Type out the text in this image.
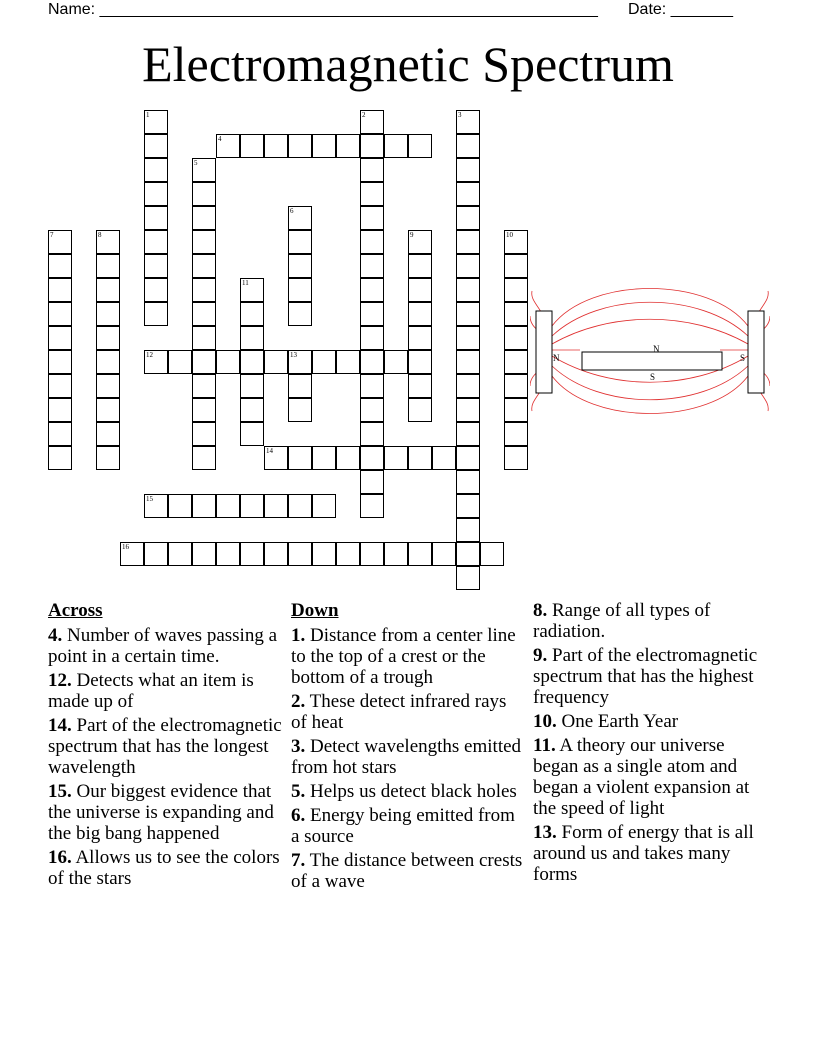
Name: ________________________________________________________ Date: _______
Electromagnetic Spectrum
1	2	3
4
5
6
7	8	9	10
11
12	13
14
15
16
N	S
N
S
Across
4. Number of waves passing a point in a certain time.
12. Detects what an item is made up of
14. Part of the electromagnetic spectrum that has the longest wavelength
15. Our biggest evidence that the universe is expanding and the big bang happened
16. Allows us to see the colors of the stars
Down
1. Distance from a center line to the top of a crest or the bottom of a trough
2. These detect infrared rays of heat
3. Detect wavelengths emitted from hot stars
5. Helps us detect black holes
6. Energy being emitted from a source
7. The distance between crests of a wave
8. Range of all types of radiation.
9. Part of the electromagnetic spectrum that has the highest frequency
10. One Earth Year
11. A theory our universe began as a single atom and began a violent expansion at the speed of light
13. Form of energy that is all around us and takes many forms
